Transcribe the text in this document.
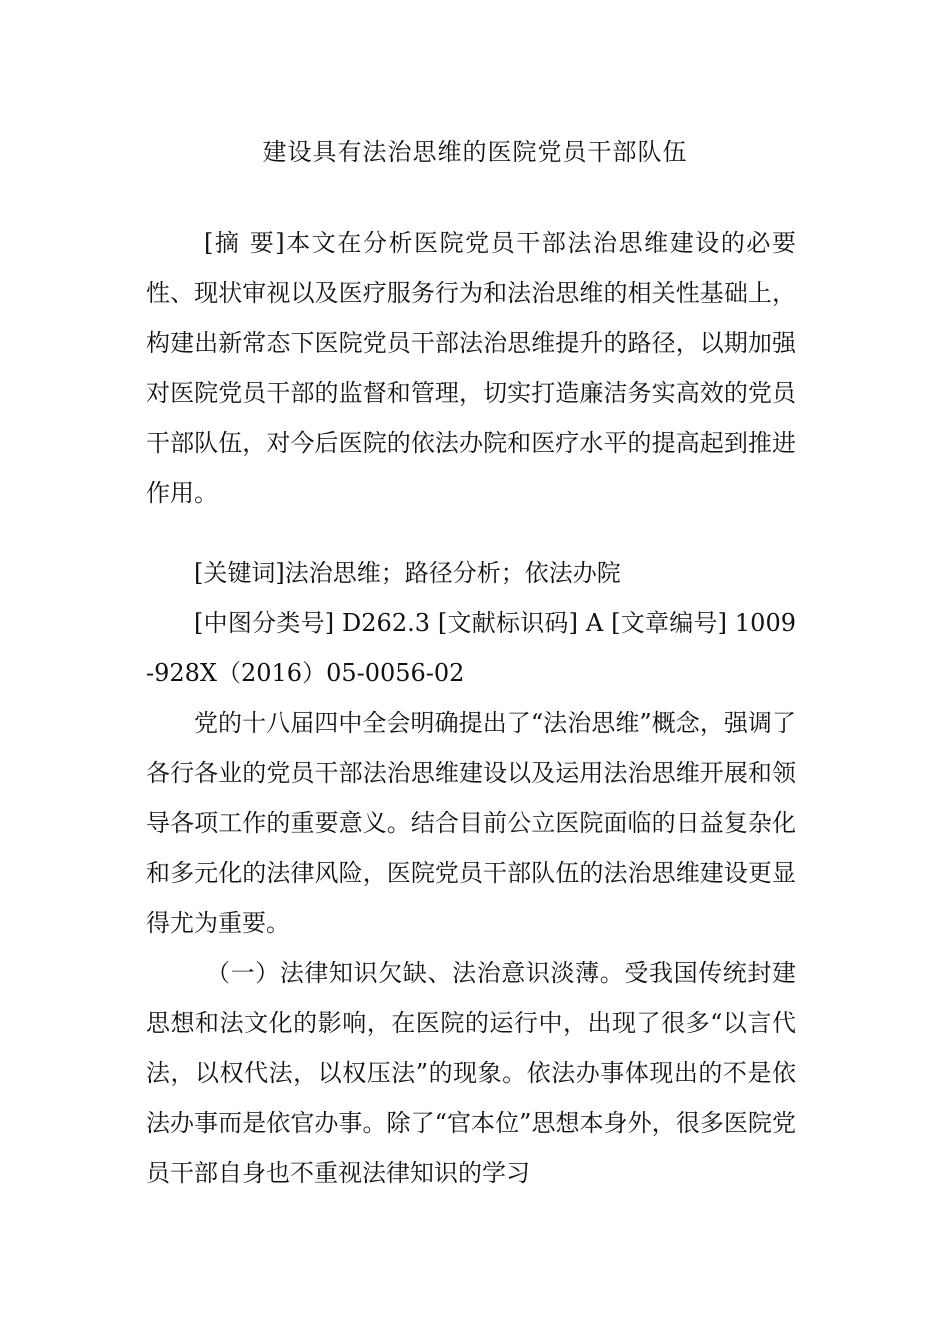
建设具有法治思维的医院党员干部队伍

[摘 要]本文在分析医院党员干部法治思维建设的必要性、现状审视以及医疗服务行为和法治思维的相关性基础上，构建出新常态下医院党员干部法治思维提升的路径，以期加强对医院党员干部的监督和管理，切实打造廉洁务实高效的党员干部队伍，对今后医院的依法办院和医疗水平的提高起到推进作用。

[关键词]法治思维；路径分析；依法办院

[中图分类号] D262.3 [文献标识码] A [文章编号] 1009-928X（2016）05-0056-02

党的十八届四中全会明确提出了“法治思维”概念，强调了各行各业的党员干部法治思维建设以及运用法治思维开展和领导各项工作的重要意义。结合目前公立医院面临的日益复杂化和多元化的法律风险，医院党员干部队伍的法治思维建设更显得尤为重要。

（一）法律知识欠缺、法治意识淡薄。受我国传统封建思想和法文化的影响，在医院的运行中，出现了很多“以言代法，以权代法，以权压法”的现象。依法办事体现出的不是依法办事而是依官办事。除了“官本位”思想本身外，很多医院党员干部自身也不重视法律知识的学习
